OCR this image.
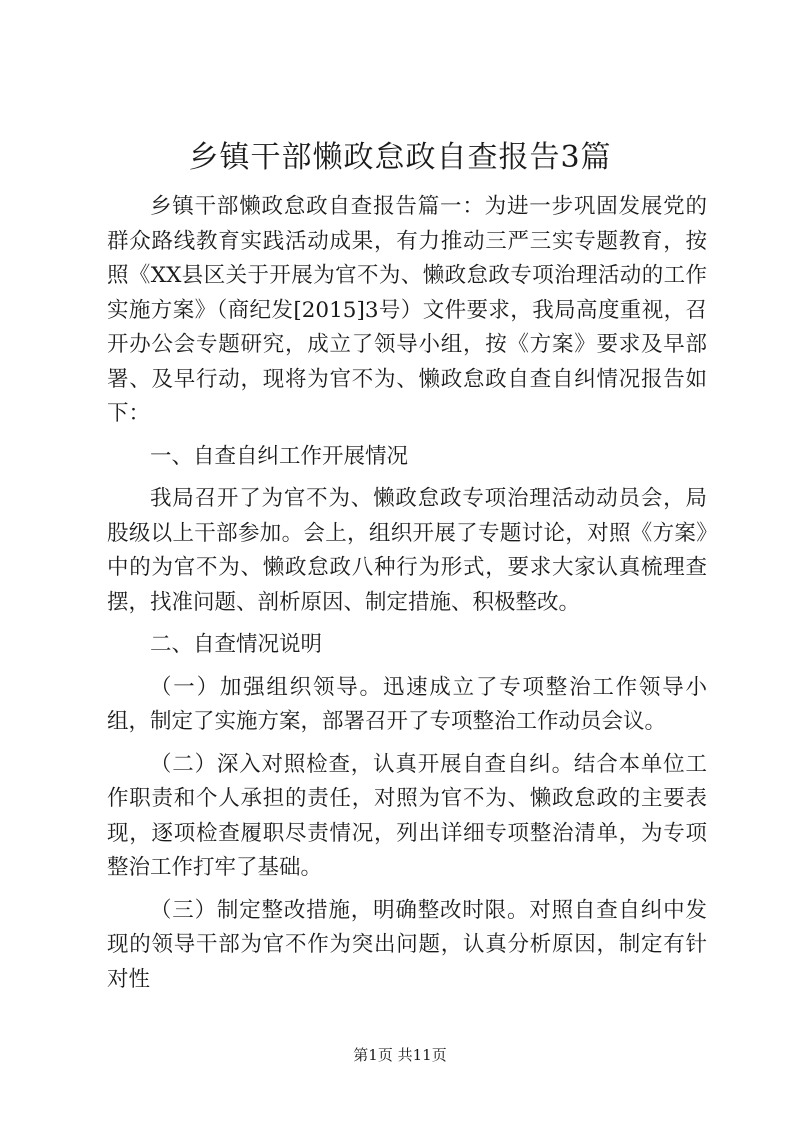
乡镇干部懒政怠政自查报告3篇

乡镇干部懒政怠政自查报告篇一：为进一步巩固发展党的群众路线教育实践活动成果，有力推动三严三实专题教育，按照《XX县区关于开展为官不为、懒政怠政专项治理活动的工作实施方案》（商纪发[2015]3号）文件要求，我局高度重视，召开办公会专题研究，成立了领导小组，按《方案》要求及早部署、及早行动，现将为官不为、懒政怠政自查自纠情况报告如下：

一、自查自纠工作开展情况

我局召开了为官不为、懒政怠政专项治理活动动员会，局股级以上干部参加。会上，组织开展了专题讨论，对照《方案》中的为官不为、懒政怠政八种行为形式，要求大家认真梳理查摆，找准问题、剖析原因、制定措施、积极整改。

二、自查情况说明

（一）加强组织领导。迅速成立了专项整治工作领导小组，制定了实施方案，部署召开了专项整治工作动员会议。

（二）深入对照检查，认真开展自查自纠。结合本单位工作职责和个人承担的责任，对照为官不为、懒政怠政的主要表现，逐项检查履职尽责情况，列出详细专项整治清单，为专项整治工作打牢了基础。

（三）制定整改措施，明确整改时限。对照自查自纠中发现的领导干部为官不作为突出问题，认真分析原因，制定有针对性

第1页 共11页
